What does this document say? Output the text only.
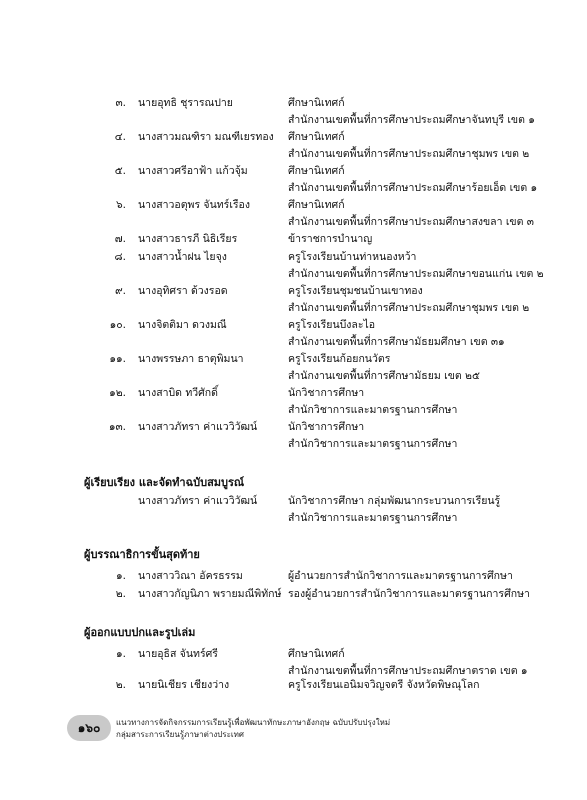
๓. นายอุทธิ ชุรารณปาย	ศึกษานิเทศก์
สำนักงานเขตพื้นที่การศึกษาประถมศึกษาจันทบุรี เขต ๑
๔. นางสาวมณฑิรา มณฑีเยรทอง ศึกษานิเทศก์
สำนักงานเขตพื้นที่การศึกษาประถมศึกษาชุมพร เขต ๒
๕. นางสาวศรีอาฟ้า แก้วจุ้ม	ศึกษานิเทศก์
สำนักงานเขตพื้นที่การศึกษาประถมศึกษาร้อยเอ็ด เขต ๑
๖. นางสาวอตุพร จันทร์เรือง	ศึกษานิเทศก์
สำนักงานเขตพื้นที่การศึกษาประถมศึกษาสงขลา เขต ๓
๗. นางสาวธารภี นิธิเรียร	ข้าราชการบำนาญ
๘. นางสาวน้ำฝน ไยจุง	ครูโรงเรียนบ้านท่าหนองหว้า
สำนักงานเขตพื้นที่การศึกษาประถมศึกษาขอนแก่น เขต ๒
๙. นางอุทิศรา ด้วงรอด	ครูโรงเรียนชุมชนบ้านเขาทอง
สำนักงานเขตพื้นที่การศึกษาประถมศึกษาชุมพร เขต ๒
๑๐. นางจิตติมา ดวงมณี	ครูโรงเรียนบึงละไอ
สำนักงานเขตพื้นที่การศึกษามัธยมศึกษา เขต ๓๑
๑๑. นางพรรษภา ธาตุพิมนา	ครูโรงเรียนก้อยกนวัตร
สำนักงานเขตพื้นที่การศึกษามัธยม เขต ๒๕
๑๒. นางสาบิด ทวีศักดิ์	นักวิชาการศึกษา
สำนักวิชาการและมาตรฐานการศึกษา
๑๓. นางสาวภัทรา ค่าแววิวัฒน์	นักวิชาการศึกษา
สำนักวิชาการและมาตรฐานการศึกษา
ผู้เรียบเรียง และจัดทำฉบับสมบูรณ์
นางสาวภัทรา ค่าแววิวัฒน์	นักวิชาการศึกษา กลุ่มพัฒนากระบวนการเรียนรู้
สำนักวิชาการและมาตรฐานการศึกษา
ผู้บรรณาธิการขั้นสุดท้าย
๑. นางสาววิณา อัครธรรม	ผู้อำนวยการสำนักวิชาการและมาตรฐานการศึกษา
๒. นางสาวกัญนิภา พรายมณีพิทักษ์ รองผู้อำนวยการสำนักวิชาการและมาตรฐานการศึกษา
ผู้ออกแบบปกและรูปเล่ม
๑. นายอุธิส จันทร์ศรี	ศึกษานิเทศก์
สำนักงานเขตพื้นที่การศึกษาประถมศึกษาตราด เขต ๑
๒. นายนิเชียร เชียงว่าง	ครูโรงเรียนเอนิมจวิญจตรี จังหวัดพิษณุโลก
๑๖๐ แนวทางการจัดกิจกรรมการเรียนรู้เพื่อพัฒนาทักษะภาษาอังกฤษ ฉบับปรับปรุงใหม่
กลุ่มสาระการเรียนรู้ภาษาต่างประเทศ
